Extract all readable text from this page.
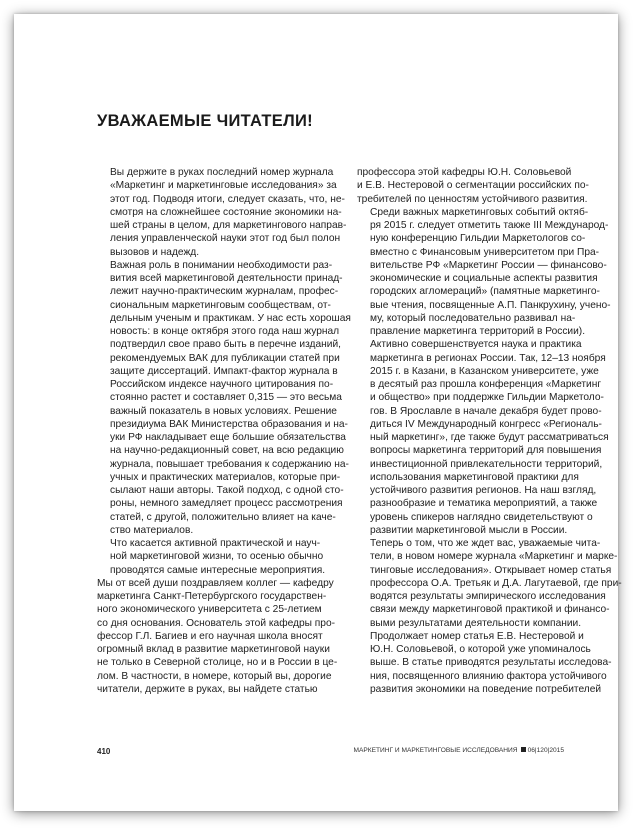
УВАЖАЕМЫЕ ЧИТАТЕЛИ!

Вы держите в руках последний номер журнала
«Маркетинг и маркетинговые исследования» за
этот год. Подводя итоги, следует сказать, что, не-
смотря на сложнейшее состояние экономики на-
шей страны в целом, для маркетингового направ-
ления управленческой науки этот год был полон
вызовов и надежд.

Важная роль в понимании необходимости раз-
вития всей маркетинговой деятельности принад-
лежит научно-практическим журналам, профес-
сиональным маркетинговым сообществам, от-
дельным ученым и практикам. У нас есть хорошая
новость: в конце октября этого года наш журнал
подтвердил свое право быть в перечне изданий,
рекомендуемых ВАК для публикации статей при
защите диссертаций. Импакт-фактор журнала в
Российском индексе научного цитирования по-
стоянно растет и составляет 0,315 — это весьма
важный показатель в новых условиях. Решение
президиума ВАК Министерства образования и на-
уки РФ накладывает еще большие обязательства
на научно-редакционный совет, на всю редакцию
журнала, повышает требования к содержанию на-
учных и практических материалов, которые при-
сылают наши авторы. Такой подход, с одной сто-
роны, немного замедляет процесс рассмотрения
статей, с другой, положительно влияет на каче-
ство материалов.

Что касается активной практической и науч-
ной маркетинговой жизни, то осенью обычно
проводятся самые интересные мероприятия.

Мы от всей души поздравляем коллег — кафедру
маркетинга Санкт-Петербургского государствен-
ного экономического университета с 25-летием
со дня основания. Основатель этой кафедры про-
фессор Г.Л. Багиев и его научная школа вносят
огромный вклад в развитие маркетинговой науки
не только в Северной столице, но и в России в це-
лом. В частности, в номере, который вы, дорогие
читатели, держите в руках, вы найдете статью

профессора этой кафедры Ю.Н. Соловьевой
и Е.В. Нестеровой о сегментации российских по-
требителей по ценностям устойчивого развития.

Среди важных маркетинговых событий октяб-
ря 2015 г. следует отметить также III Международ-
ную конференцию Гильдии Маркетологов со-
вместно с Финансовым университетом при Пра-
вительстве РФ «Маркетинг России — финансово-
экономические и социальные аспекты развития
городских агломераций» (памятные маркетинго-
вые чтения, посвященные А.П. Панкрухину, учено-
му, который последовательно развивал на-
правление маркетинга территорий в России).

Активно совершенствуется наука и практика
маркетинга в регионах России. Так, 12–13 ноября
2015 г. в Казани, в Казанском университете, уже
в десятый раз прошла конференция «Маркетинг
и общество» при поддержке Гильдии Маркетоло-
гов. В Ярославле в начале декабря будет прово-
диться IV Международный конгресс «Региональ-
ный маркетинг», где также будут рассматриваться
вопросы маркетинга территорий для повышения
инвестиционной привлекательности территорий,
использования маркетинговой практики для
устойчивого развития регионов. На наш взгляд,
разнообразие и тематика мероприятий, а также
уровень спикеров наглядно свидетельствуют о
развитии маркетинговой мысли в России.

Теперь о том, что же ждет вас, уважаемые чита-
тели, в новом номере журнала «Маркетинг и марке-
тинговые исследования». Открывает номер статья
профессора О.А. Третьяк и Д.А. Лагутаевой, где при-
водятся результаты эмпирического исследования
связи между маркетинговой практикой и финансо-
выми результатами деятельности компании.

Продолжает номер статья Е.В. Нестеровой и
Ю.Н. Соловьевой, о которой уже упоминалось
выше. В статье приводятся результаты исследова-
ния, посвященного влиянию фактора устойчивого
развития экономики на поведение потребителей

410	МАРКЕТИНГ И МАРКЕТИНГОВЫЕ ИССЛЕДОВАНИЯ 06|120|2015
